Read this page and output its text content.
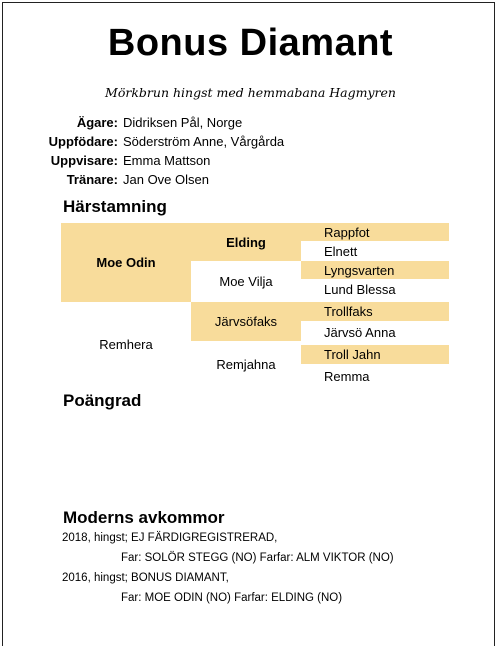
Bonus Diamant
Mörkbrun hingst med hemmabana Hagmyren
Ägare: Didriksen Pål, Norge
Uppfödare: Söderström Anne, Vårgårda
Uppvisare: Emma Mattson
Tränare: Jan Ove Olsen
Härstamning
Moe Odin
Remhera
Elding
Moe Vilja
Järvsöfaks
Remjahna
Rappfot
Elnett
Lyngsvarten
Lund Blessa
Trollfaks
Järvsö Anna
Troll Jahn
Remma
Poängrad
Moderns avkommor
2018, hingst; EJ FÄRDIGREGISTRERAD,
Far: SOLÖR STEGG (NO) Farfar: ALM VIKTOR (NO)
2016, hingst; BONUS DIAMANT,
Far: MOE ODIN (NO) Farfar: ELDING (NO)
